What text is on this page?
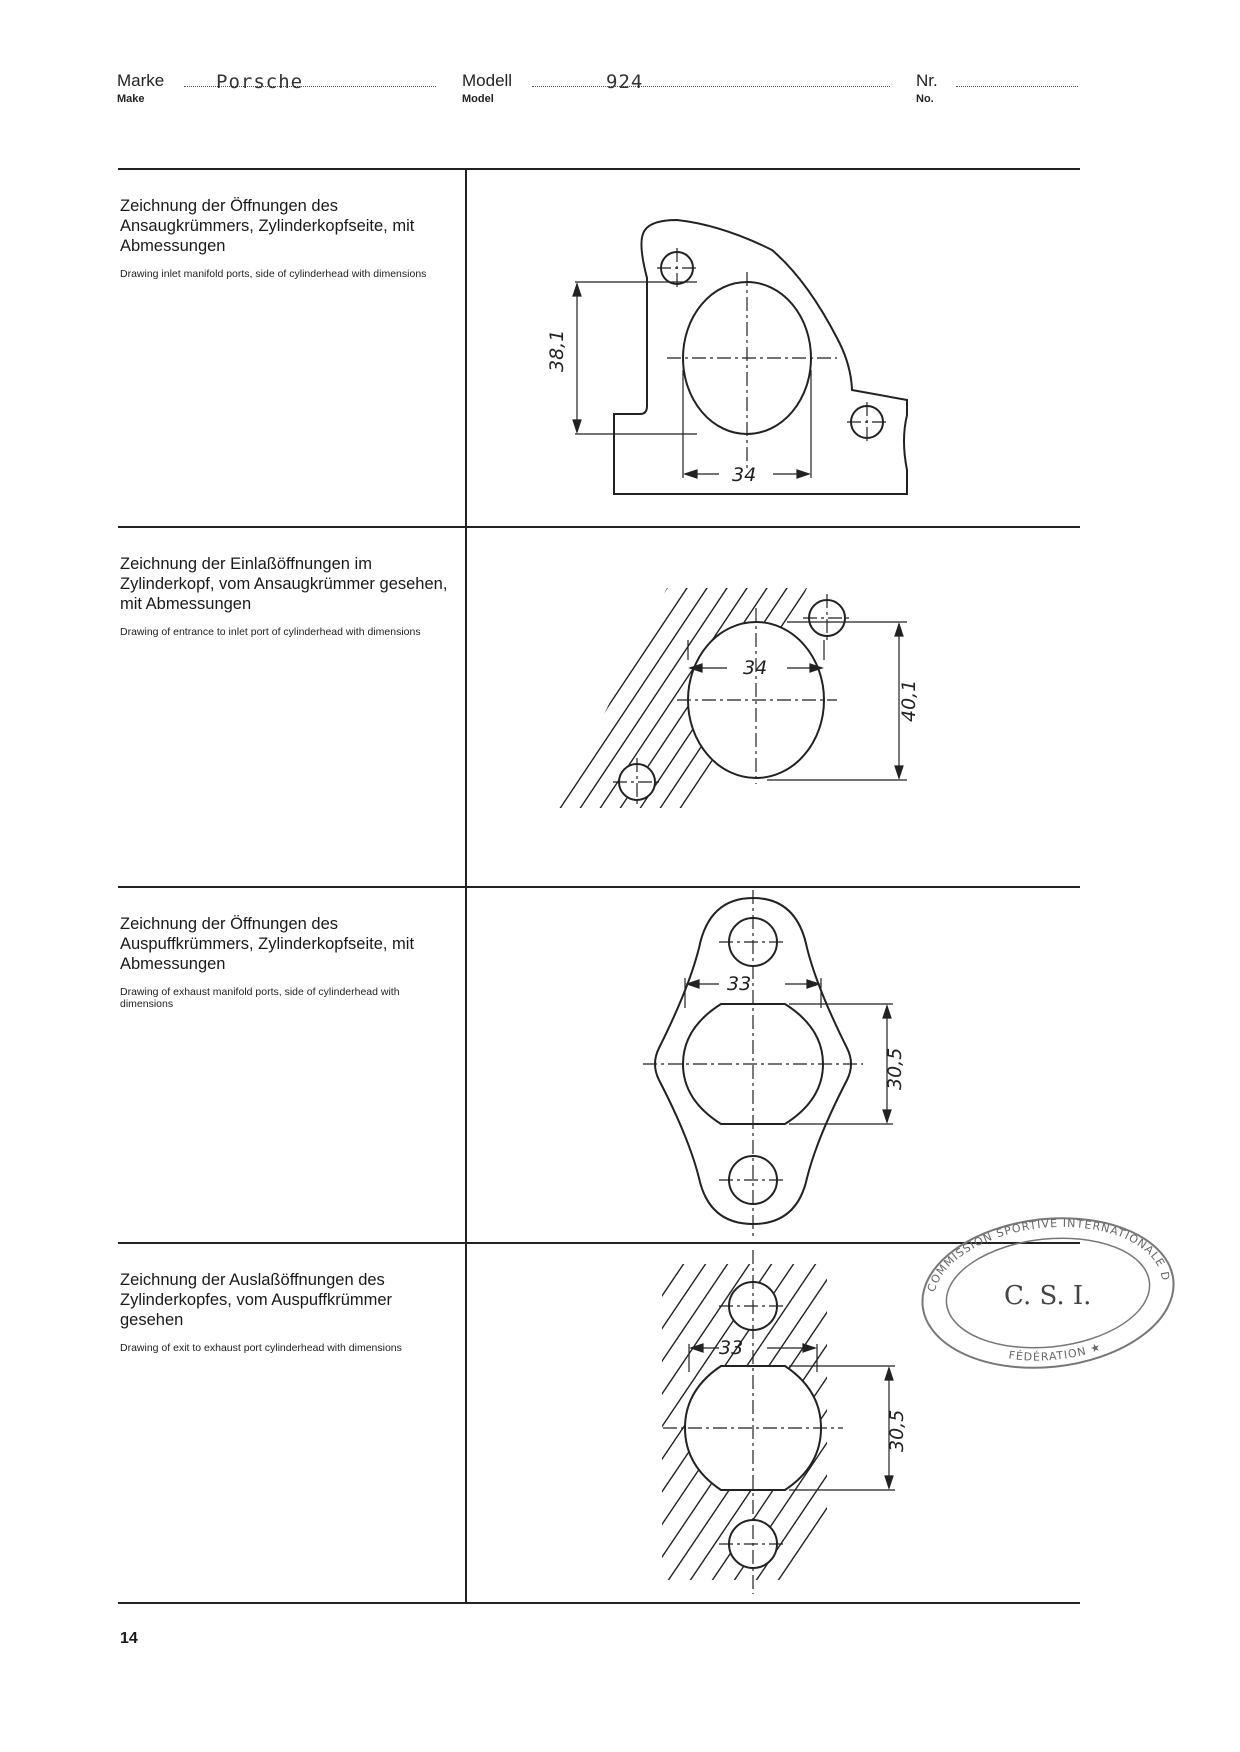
Marke
Make
Porsche	Modell
Model
924	Nr.
No.

Zeichnung der Öffnungen des Ansaugkrümmers, Zylinderkopfseite, mit Abmessungen

Drawing inlet manifold ports, side of cylinderhead with dimensions

38,1
34

Zeichnung der Einlaßöffnungen im Zylinderkopf, vom Ansaugkrümmer gesehen, mit Abmessungen

Drawing of entrance to inlet port of cylinderhead with dimensions

34
40,1

Zeichnung der Öffnungen des Auspuffkrümmers, Zylinderkopfseite, mit Abmessungen

Drawing of exhaust manifold ports, side of cylinderhead with dimensions

33
30,5

Zeichnung der Auslaßöffnungen des Zylinderkopfes, vom Auspuffkrümmer gesehen

Drawing of exit to exhaust port cylinderhead with dimensions	33
30,5
COMMISSION SPORTIVE INTERNATIONALE D
FÉDÉRATION ★
C. S. I.
14
